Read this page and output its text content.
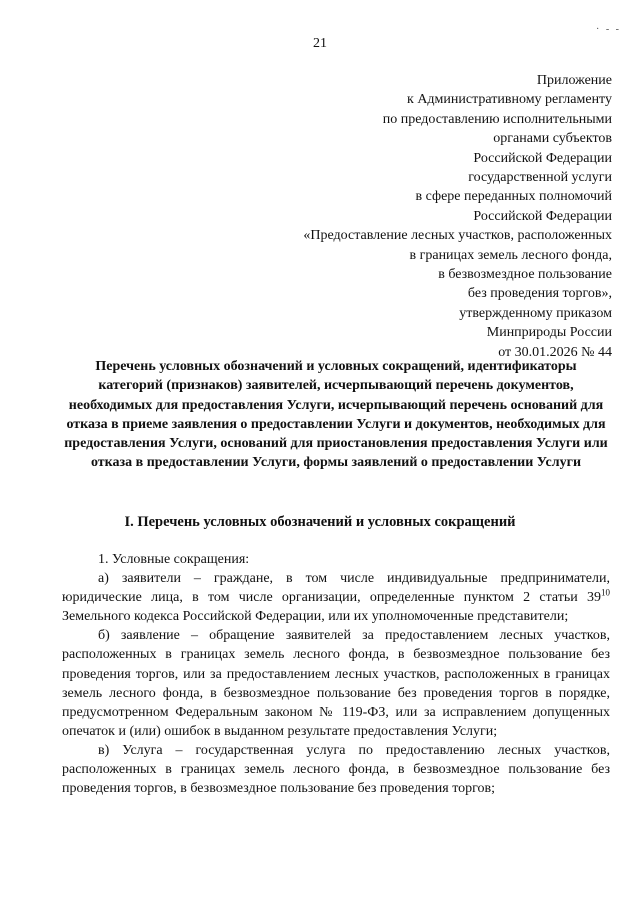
21
· - -
Приложение
к Административному регламенту
по предоставлению исполнительными
органами субъектов
Российской Федерации
государственной услуги
в сфере переданных полномочий
Российской Федерации
«Предоставление лесных участков, расположенных
в границах земель лесного фонда,
в безвозмездное пользование
без проведения торгов»,
утвержденному приказом
Минприроды России
от 30.01.2026 № 44
Перечень условных обозначений и условных сокращений, идентификаторы категорий (признаков) заявителей, исчерпывающий перечень документов, необходимых для предоставления Услуги, исчерпывающий перечень оснований для отказа в приеме заявления о предоставлении Услуги и документов, необходимых для предоставления Услуги, оснований для приостановления предоставления Услуги или отказа в предоставлении Услуги, формы заявлений о предоставлении Услуги
I. Перечень условных обозначений и условных сокращений

1. Условные сокращения:

а) заявители – граждане, в том числе индивидуальные предприниматели, юридические лица, в том числе организации, определенные пунктом 2 статьи $39^{10}$ Земельного кодекса Российской Федерации, или их уполномоченные представители;

б) заявление – обращение заявителей за предоставлением лесных участков, расположенных в границах земель лесного фонда, в безвозмездное пользование без проведения торгов, или за предоставлением лесных участков, расположенных в границах земель лесного фонда, в безвозмездное пользование без проведения торгов в порядке, предусмотренном Федеральным законом № 119-ФЗ, или за исправлением допущенных опечаток и (или) ошибок в выданном результате предоставления Услуги;

в) Услуга – государственная услуга по предоставлению лесных участков, расположенных в границах земель лесного фонда, в безвозмездное пользование без проведения торгов, в безвозмездное пользование без проведения торгов;
